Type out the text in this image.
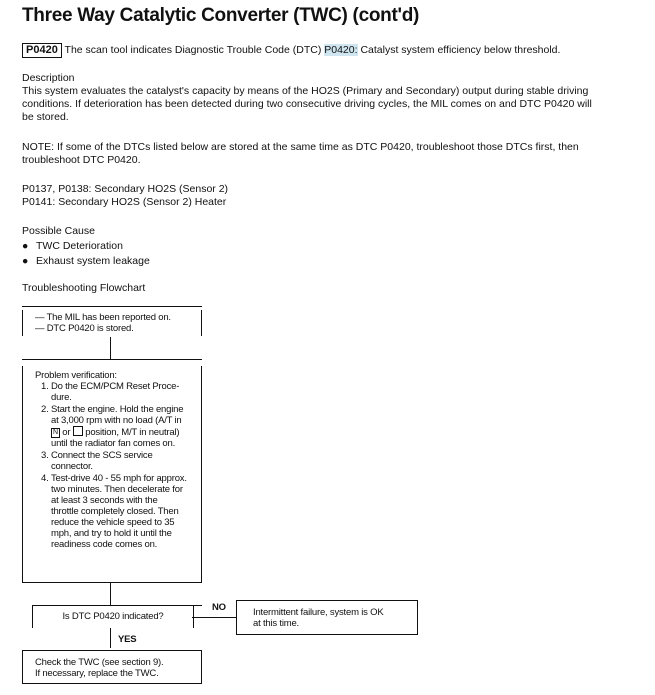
Three Way Catalytic Converter (TWC) (cont'd)
P0420 The scan tool indicates Diagnostic Trouble Code (DTC) P0420: Catalyst system efficiency below threshold.
Description
This system evaluates the catalyst's capacity by means of the HO2S (Primary and Secondary) output during stable driving
conditions. If deterioration has been detected during two consecutive driving cycles, the MIL comes on and DTC P0420 will
be stored.
NOTE: If some of the DTCs listed below are stored at the same time as DTC P0420, troubleshoot those DTCs first, then
troubleshoot DTC P0420.
P0137, P0138: Secondary HO2S (Sensor 2)
P0141: Secondary HO2S (Sensor 2) Heater
Possible Cause
● TWC Deterioration
● Exhaust system leakage
Troubleshooting Flowchart
— The MIL has been reported on.
— DTC P0420 is stored.
Problem verification:
1. Do the ECM/PCM Reset Proce-dure.
2. Start the engine. Hold the engine at 3,000 rpm with no load (A/T in N or  position, M/T in neutral) until the radiator fan comes on.
3. Connect the SCS service connector.
4. Test-drive 40 - 55 mph for approx. two minutes. Then decelerate for at least 3 seconds with the throttle completely closed. Then reduce the vehicle speed to 35 mph, and try to hold it until the readiness code comes on.
Is DTC P0420 indicated?
NO	Intermittent failure, system is OK
at this time.
YES
Check the TWC (see section 9).
If necessary, replace the TWC.
